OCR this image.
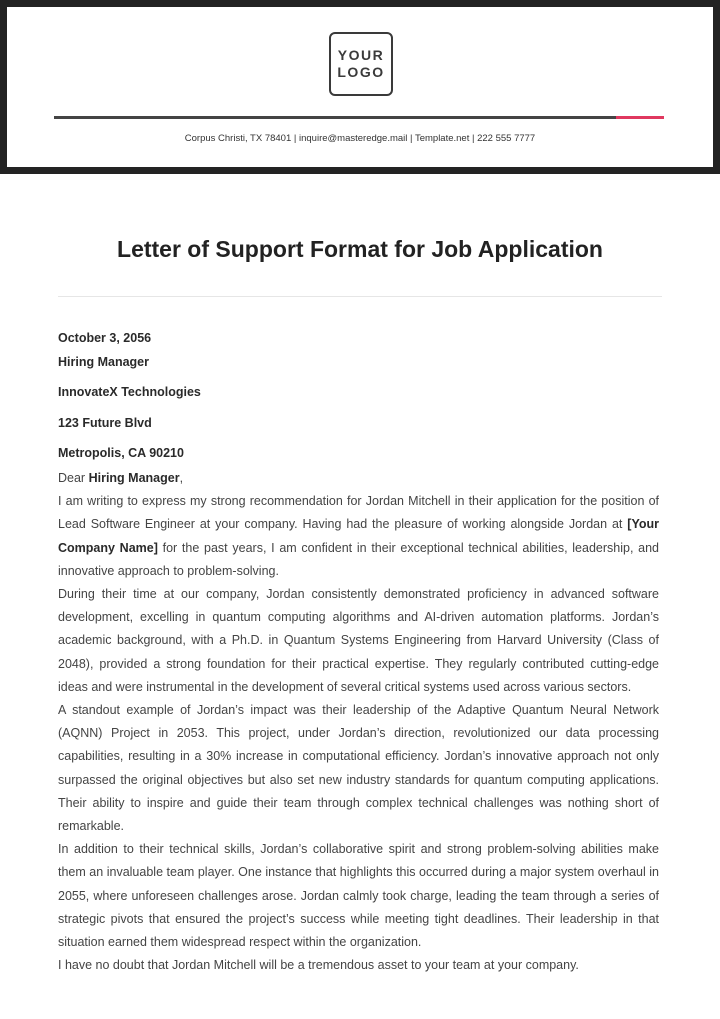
YOUR
LOGO
Corpus Christi, TX 78401 | inquire@masteredge.mail | Template.net | 222 555 7777
Letter of Support Format for Job Application
October 3, 2056
Hiring Manager
InnovateX Technologies
123 Future Blvd
Metropolis, CA 90210

Dear Hiring Manager,

I am writing to express my strong recommendation for Jordan Mitchell in their application for the position of Lead Software Engineer at your company. Having had the pleasure of working alongside Jordan at [Your Company Name] for the past years, I am confident in their exceptional technical abilities, leadership, and innovative approach to problem-solving.

During their time at our company, Jordan consistently demonstrated proficiency in advanced software development, excelling in quantum computing algorithms and AI-driven automation platforms. Jordan’s academic background, with a Ph.D. in Quantum Systems Engineering from Harvard University (Class of 2048), provided a strong foundation for their practical expertise. They regularly contributed cutting-edge ideas and were instrumental in the development of several critical systems used across various sectors.

A standout example of Jordan’s impact was their leadership of the Adaptive Quantum Neural Network (AQNN) Project in 2053. This project, under Jordan’s direction, revolutionized our data processing capabilities, resulting in a 30% increase in computational efficiency. Jordan’s innovative approach not only surpassed the original objectives but also set new industry standards for quantum computing applications. Their ability to inspire and guide their team through complex technical challenges was nothing short of remarkable.

In addition to their technical skills, Jordan’s collaborative spirit and strong problem-solving abilities make them an invaluable team player. One instance that highlights this occurred during a major system overhaul in 2055, where unforeseen challenges arose. Jordan calmly took charge, leading the team through a series of strategic pivots that ensured the project’s success while meeting tight deadlines. Their leadership in that situation earned them widespread respect within the organization.

I have no doubt that Jordan Mitchell will be a tremendous asset to your team at your company.
